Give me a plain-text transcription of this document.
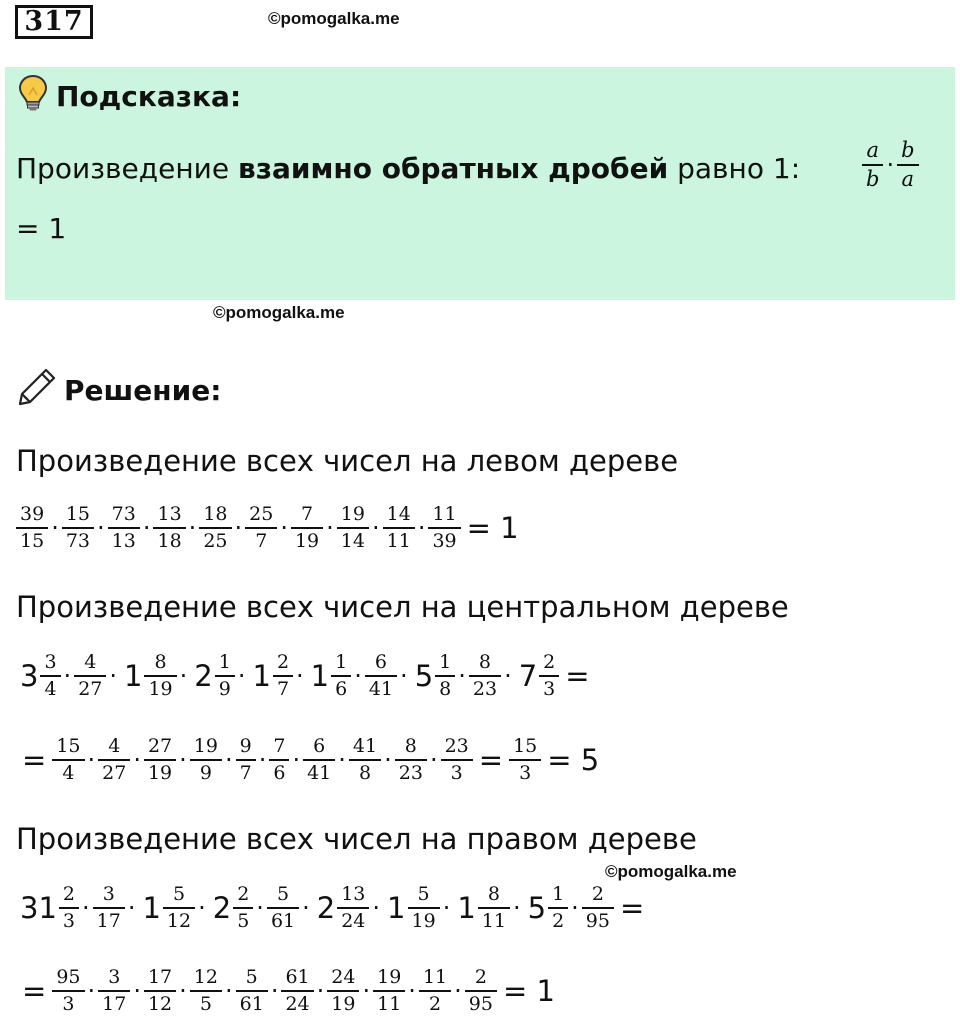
317	©pomogalka.me
Подсказка:
Произведение взаимно обратных дробей равно 1:	$\frac{a}{b} \cdot \frac{b}{a}$
= 1
©pomogalka.me
Решение:
Произведение всех чисел на левом дереве
$\frac{39}{15} \cdot \frac{15}{73} \cdot \frac{73}{13} \cdot \frac{13}{18} \cdot \frac{18}{25} \cdot \frac{25}{7} \cdot \frac{7}{19} \cdot \frac{19}{14} \cdot \frac{14}{11} \cdot \frac{11}{39} = 1$
Произведение всех чисел на центральном дереве
$3 \frac{3}{4} \cdot \frac{4}{27} \cdot 1 \frac{8}{19} \cdot 2 \frac{1}{9} \cdot 1 \frac{2}{7} \cdot 1 \frac{1}{6} \cdot \frac{6}{41} \cdot 5 \frac{1}{8} \cdot \frac{8}{23} \cdot 7 \frac{2}{3}$ =
= $\frac{15}{4} \cdot \frac{4}{27} \cdot \frac{27}{19} \cdot \frac{19}{9} \cdot \frac{9}{7} \cdot \frac{7}{6} \cdot \frac{6}{41} \cdot \frac{41}{8} \cdot \frac{8}{23} \cdot \frac{23}{3} = \frac{15}{3} = 5$
Произведение всех чисел на правом дереве
©pomogalka.me
$31 \frac{2}{3} \cdot \frac{3}{17} \cdot 1 \frac{5}{12} \cdot 2 \frac{2}{5} \cdot \frac{5}{61} \cdot 2 \frac{13}{24} \cdot 1 \frac{5}{19} \cdot 1 \frac{8}{11} \cdot 5 \frac{1}{2} \cdot \frac{2}{95}$ =
= $\frac{95}{3} \cdot \frac{3}{17} \cdot \frac{17}{12} \cdot \frac{12}{5} \cdot \frac{5}{61} \cdot \frac{61}{24} \cdot \frac{24}{19} \cdot \frac{19}{11} \cdot \frac{11}{2} \cdot \frac{2}{95} = 1$
